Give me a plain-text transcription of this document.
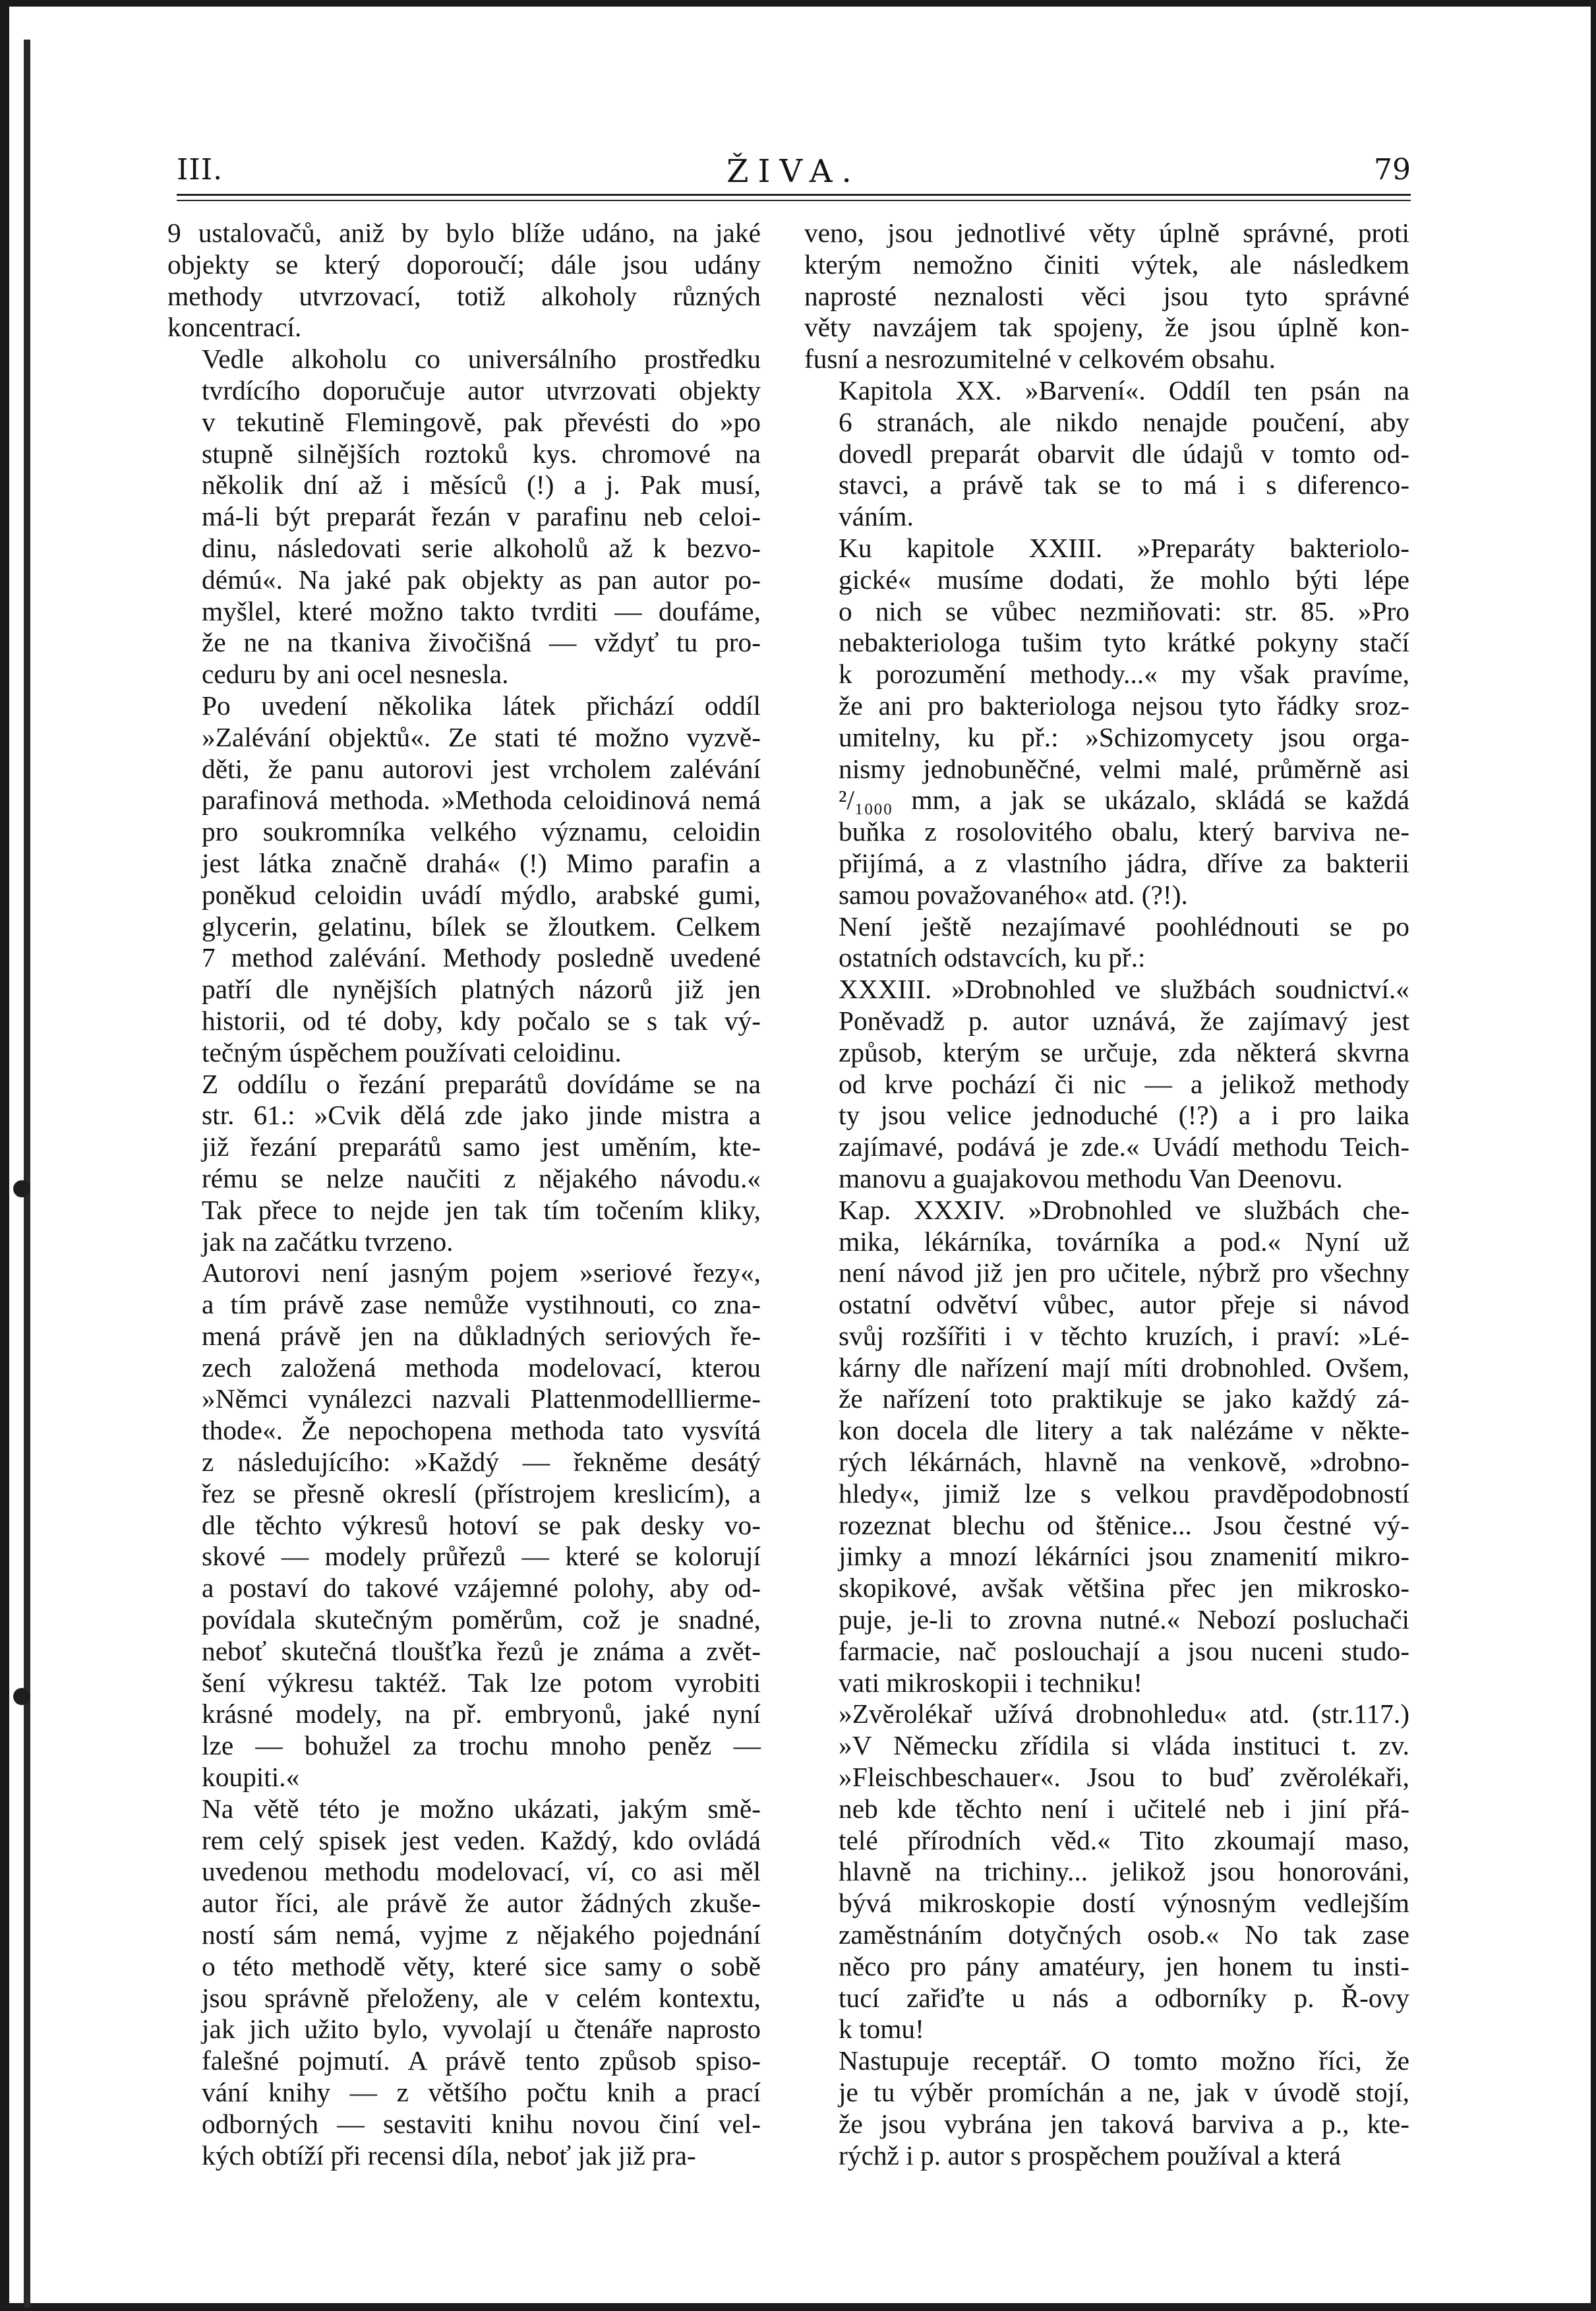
III.	ŽIVA.	79

9 ustalovačů, aniž by bylo blíže udáno, na jaké
objekty se který doporoučí; dále jsou udány
methody utvrzovací, totiž alkoholy různých
koncentrací.

Vedle alkoholu co universálního prostředku
tvrdícího doporučuje autor utvrzovati objekty
v tekutině Flemingově, pak převésti do »po
stupně silnějších roztoků kys. chromové na
několik dní až i měsíců (!) a j. Pak musí,
má-li být preparát řezán v parafinu neb celoi-
dinu, následovati serie alkoholů až k bezvo-
démú«. Na jaké pak objekty as pan autor po-
myšlel, které možno takto tvrditi — doufáme,
že ne na tkaniva živočišná — vždyť tu pro-
ceduru by ani ocel nesnesla.

Po uvedení několika látek přichází oddíl
»Zalévání objektů«. Ze stati té možno vyzvě-
děti, že panu autorovi jest vrcholem zalévání
parafinová methoda. »Methoda celoidinová nemá
pro soukromníka velkého významu, celoidin
jest látka značně drahá« (!) Mimo parafin a
poněkud celoidin uvádí mýdlo, arabské gumi,
glycerin, gelatinu, bílek se žloutkem. Celkem
7 method zalévání. Methody posledně uvedené
patří dle nynějších platných názorů již jen
historii, od té doby, kdy počalo se s tak vý-
tečným úspěchem používati celoidinu.

Z oddílu o řezání preparátů dovídáme se na
str. 61.: »Cvik dělá zde jako jinde mistra a
již řezání preparátů samo jest uměním, kte-
rému se nelze naučiti z nějakého návodu.«
Tak přece to nejde jen tak tím točením kliky,
jak na začátku tvrzeno.

Autorovi není jasným pojem »seriové řezy«,
a tím právě zase nemůže vystihnouti, co zna-
mená právě jen na důkladných seriových ře-
zech založená methoda modelovací, kterou
»Němci vynálezci nazvali Plattenmodelllierme-
thode«. Že nepochopena methoda tato vysvítá
z následujícího: »Každý — řekněme desátý
řez se přesně okreslí (přístrojem kreslicím), a
dle těchto výkresů hotoví se pak desky vo-
skové — modely průřezů — které se kolorují
a postaví do takové vzájemné polohy, aby od-
povídala skutečným poměrům, což je snadné,
neboť skutečná tloušťka řezů je známa a zvět-
šení výkresu taktéž. Tak lze potom vyrobiti
krásné modely, na př. embryonů, jaké nyní
lze — bohužel za trochu mnoho peněz —
koupiti.«

Na větě této je možno ukázati, jakým smě-
rem celý spisek jest veden. Každý, kdo ovládá
uvedenou methodu modelovací, ví, co asi měl
autor říci, ale právě že autor žádných zkuše-
ností sám nemá, vyjme z nějakého pojednání
o této methodě věty, které sice samy o sobě
jsou správně přeloženy, ale v celém kontextu,
jak jich užito bylo, vyvolají u čtenáře naprosto
falešné pojmutí. A právě tento způsob spiso-
vání knihy — z většího počtu knih a prací
odborných — sestaviti knihu novou činí vel-
kých obtíží při recensi díla, neboť jak již pra-

veno, jsou jednotlivé věty úplně správné, proti
kterým nemožno činiti výtek, ale následkem
naprosté neznalosti věci jsou tyto správné
věty navzájem tak spojeny, že jsou úplně kon-
fusní a nesrozumitelné v celkovém obsahu.

Kapitola XX. »Barvení«. Oddíl ten psán na
6 stranách, ale nikdo nenajde poučení, aby
dovedl preparát obarvit dle údajů v tomto od-
stavci, a právě tak se to má i s diferenco-
váním.

Ku kapitole XXIII. »Preparáty bakteriolo-
gické« musíme dodati, že mohlo býti lépe
o nich se vůbec nezmiňovati: str. 85. »Pro
nebakteriologa tušim tyto krátké pokyny stačí
k porozumění methody...« my však pravíme,
že ani pro bakteriologa nejsou tyto řádky sroz-
umitelny, ku př.: »Schizomycety jsou orga-
nismy jednobuněčné, velmi malé, průměrně asi
²/₁₀₀₀ mm, a jak se ukázalo, skládá se každá
buňka z rosolovitého obalu, který barviva ne-
přijímá, a z vlastního jádra, dříve za bakterii
samou považovaného« atd. (?!).

Není ještě nezajímavé poohlédnouti se po
ostatních odstavcích, ku př.:

XXXIII. »Drobnohled ve službách soudnictví.«
Poněvadž p. autor uznává, že zajímavý jest
způsob, kterým se určuje, zda některá skvrna
od krve pochází či nic — a jelikož methody
ty jsou velice jednoduché (!?) a i pro laika
zajímavé, podává je zde.« Uvádí methodu Teich-
manovu a guajakovou methodu Van Deenovu.

Kap. XXXIV. »Drobnohled ve službách che-
mika, lékárníka, továrníka a pod.« Nyní už
není návod již jen pro učitele, nýbrž pro všechny
ostatní odvětví vůbec, autor přeje si návod
svůj rozšířiti i v těchto kruzích, i praví: »Lé-
kárny dle nařízení mají míti drobnohled. Ovšem,
že nařízení toto praktikuje se jako každý zá-
kon docela dle litery a tak nalézáme v někte-
rých lékárnách, hlavně na venkově, »drobno-
hledy«, jimiž lze s velkou pravděpodobností
rozeznat blechu od štěnice... Jsou čestné vý-
jimky a mnozí lékárníci jsou znamenití mikro-
skopikové, avšak většina přec jen mikrosko-
puje, je-li to zrovna nutné.« Nebozí posluchači
farmacie, nač poslouchají a jsou nuceni studo-
vati mikroskopii i techniku!

»Zvěrolékař užívá drobnohledu« atd. (str.117.)
»V Německu zřídila si vláda instituci t. zv.
»Fleischbeschauer«. Jsou to buď zvěrolékaři,
neb kde těchto není i učitelé neb i jiní přá-
telé přírodních věd.« Tito zkoumají maso,
hlavně na trichiny... jelikož jsou honorováni,
bývá mikroskopie dostí výnosným vedlejším
zaměstnáním dotyčných osob.« No tak zase
něco pro pány amatéury, jen honem tu insti-
tucí zařiďte u nás a odborníky p. Ř-ovy
k tomu!

Nastupuje receptář. O tomto možno říci, že
je tu výběr promíchán a ne, jak v úvodě stojí,
že jsou vybrána jen taková barviva a p., kte-
rýchž i p. autor s prospěchem používal a která
